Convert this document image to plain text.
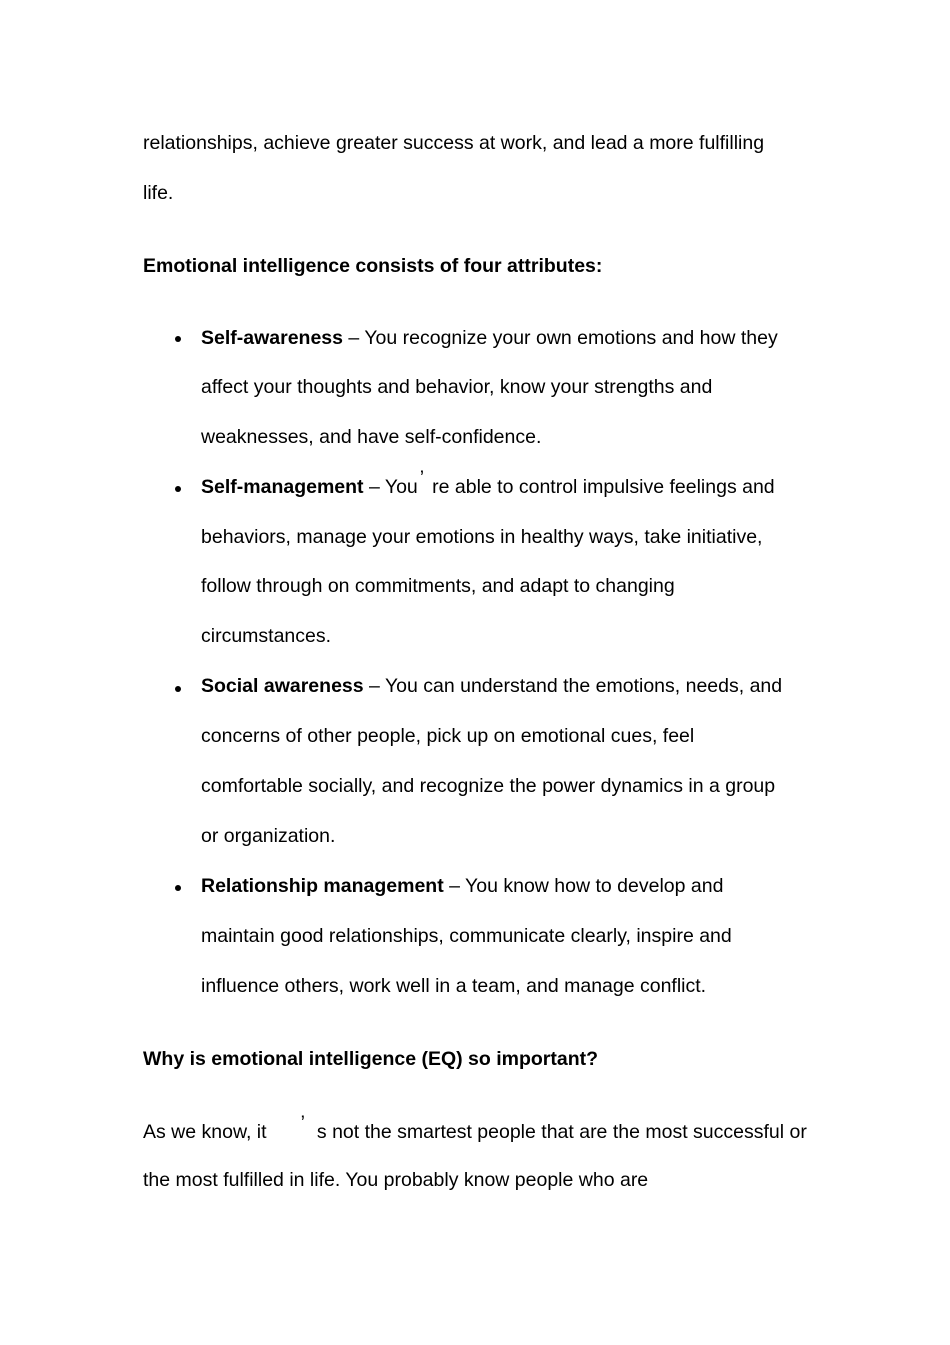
relationships, achieve greater success at work, and lead a more fulfilling
life.
Emotional intelligence consists of four attributes:
Self-awareness – You recognize your own emotions and how they
affect your thoughts and behavior, know your strengths and
weaknesses, and have self-confidence.
Self-management – You ’ re able to control impulsive feelings and
behaviors, manage your emotions in healthy ways, take initiative,
follow through on commitments, and adapt to changing
circumstances.
Social awareness – You can understand the emotions, needs, and
concerns of other people, pick up on emotional cues, feel
comfortable socially, and recognize the power dynamics in a group
or organization.
Relationship management – You know how to develop and
maintain good relationships, communicate clearly, inspire and
influence others, work well in a team, and manage conflict.
Why is emotional intelligence (EQ) so important?
As we know, it ’ s not the smartest people that are the most successful or
the most fulfilled in life. You probably know people who are
